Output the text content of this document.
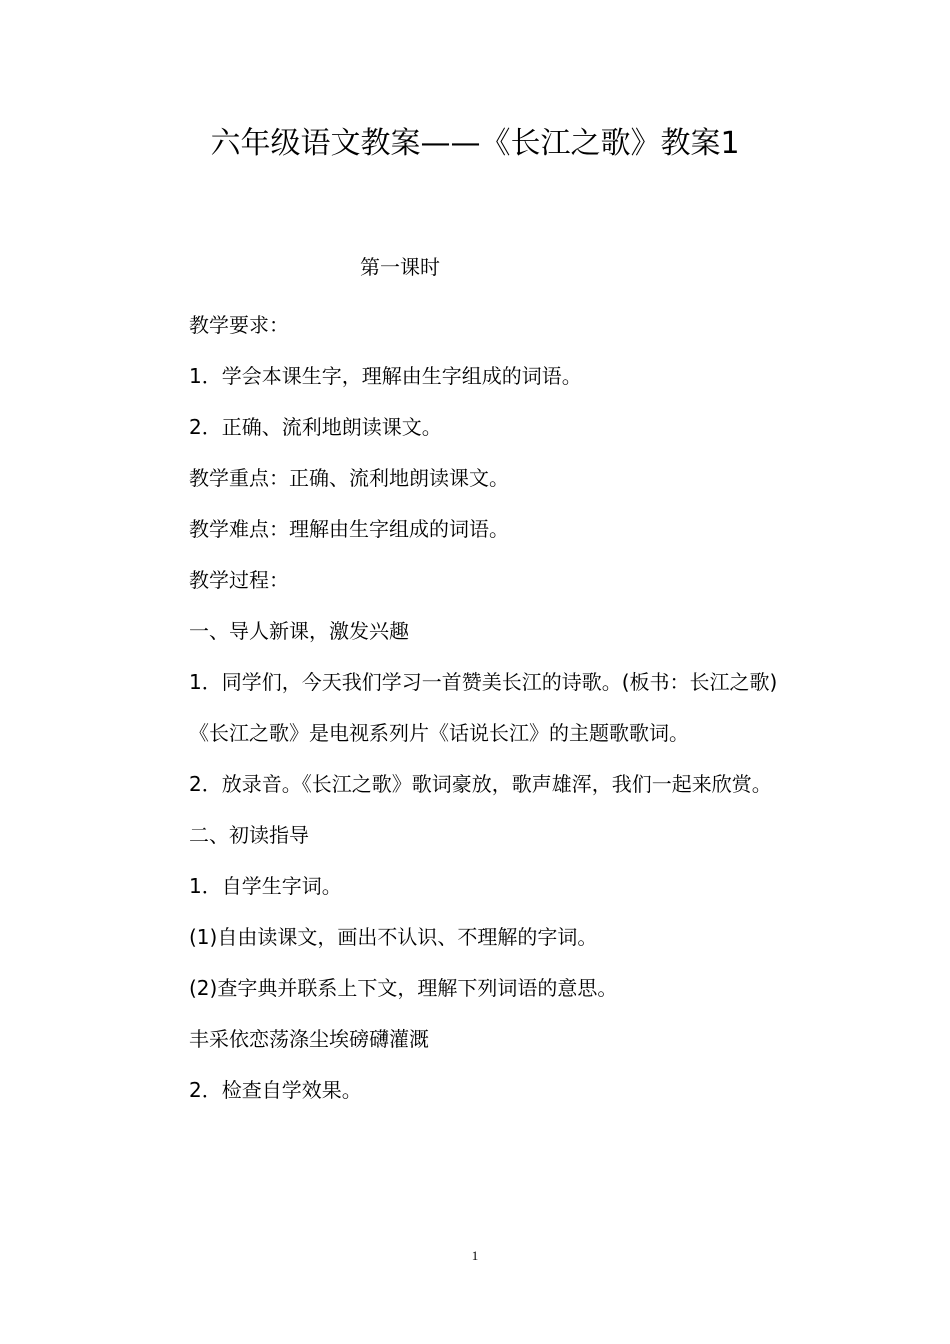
六年级语文教案——《长江之歌》教案1
第一课时

教学要求：

1．学会本课生字，理解由生字组成的词语。

2．正确、流利地朗读课文。

教学重点：正确、流利地朗读课文。

教学难点：理解由生字组成的词语。

教学过程：

一、导人新课，激发兴趣

1．同学们，今天我们学习一首赞美长江的诗歌。(板书：长江之歌)

《长江之歌》是电视系列片《话说长江》的主题歌歌词。

2．放录音。《长江之歌》歌词豪放，歌声雄浑，我们一起来欣赏。

二、初读指导

1．自学生字词。

(1)自由读课文，画出不认识、不理解的字词。

(2)查字典并联系上下文，理解下列词语的意思。

丰采依恋荡涤尘埃磅礴灌溉

2．检查自学效果。

1
